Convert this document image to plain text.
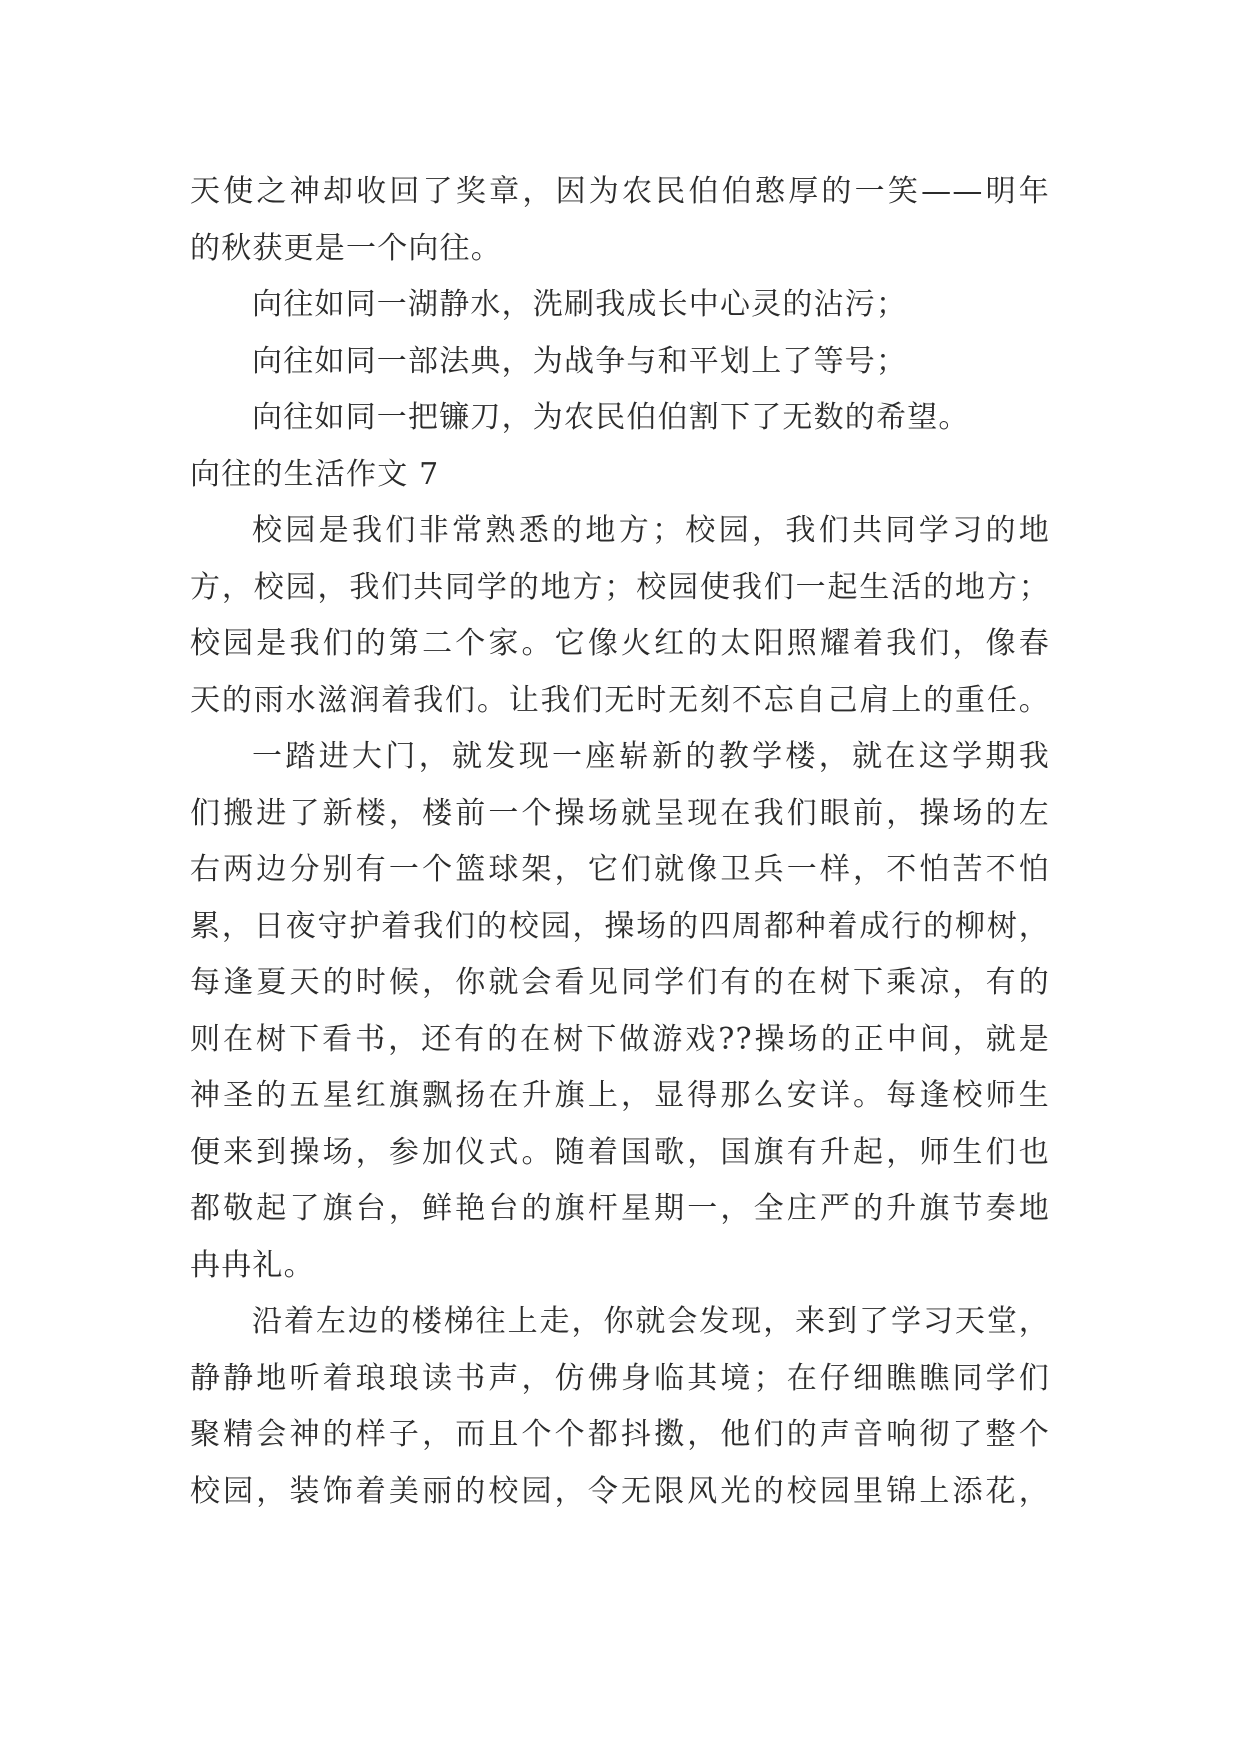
天使之神却收回了奖章，因为农民伯伯憨厚的一笑——明年
的秋获更是一个向往。
向往如同一湖静水，洗刷我成长中心灵的沾污；
向往如同一部法典，为战争与和平划上了等号；
向往如同一把镰刀，为农民伯伯割下了无数的希望。
向往的生活作文 7
校园是我们非常熟悉的地方；校园，我们共同学习的地
方，校园，我们共同学的地方；校园使我们一起生活的地方；
校园是我们的第二个家。它像火红的太阳照耀着我们，像春
天的雨水滋润着我们。让我们无时无刻不忘自己肩上的重任。
一踏进大门，就发现一座崭新的教学楼，就在这学期我
们搬进了新楼，楼前一个操场就呈现在我们眼前，操场的左
右两边分别有一个篮球架，它们就像卫兵一样，不怕苦不怕
累，日夜守护着我们的校园，操场的四周都种着成行的柳树，
每逢夏天的时候，你就会看见同学们有的在树下乘凉，有的
则在树下看书，还有的在树下做游戏??操场的正中间，就是
神圣的五星红旗飘扬在升旗上，显得那么安详。每逢校师生
便来到操场，参加仪式。随着国歌，国旗有升起，师生们也
都敬起了旗台，鲜艳台的旗杆星期一，全庄严的升旗节奏地
冉冉礼。
沿着左边的楼梯往上走，你就会发现，来到了学习天堂，
静静地听着琅琅读书声，仿佛身临其境；在仔细瞧瞧同学们
聚精会神的样子，而且个个都抖擞，他们的声音响彻了整个
校园，装饰着美丽的校园，令无限风光的校园里锦上添花，
